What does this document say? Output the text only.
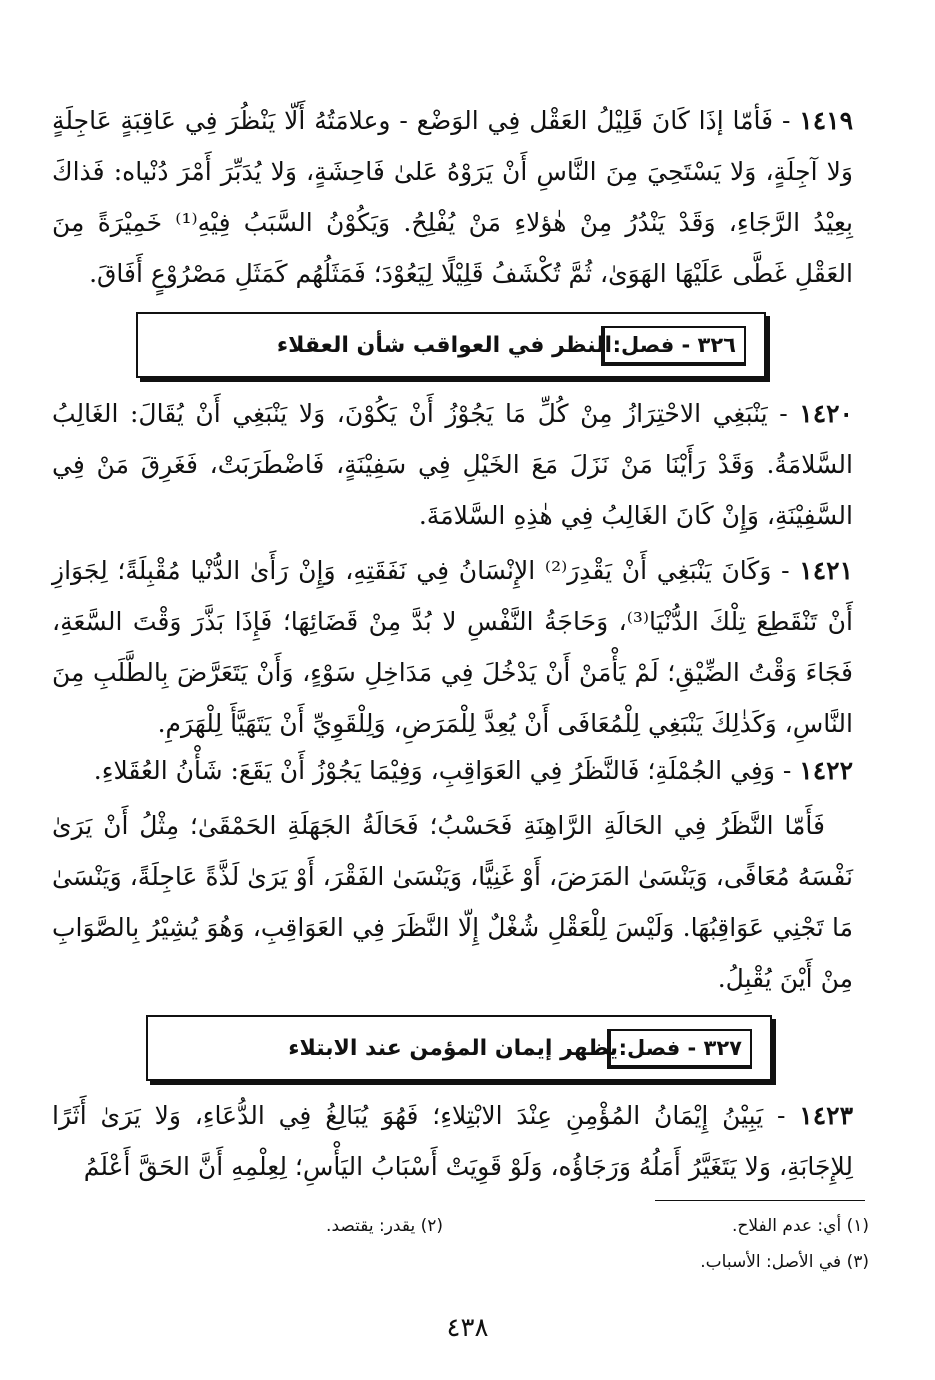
١٤١٩ - فَأمّا إذَا كَانَ قَلِيْلُ العَقْل فِي الوَضْع - وعلامَتُهُ أَلّا يَنْظُرَ فِي عَاقِبَةٍ عَاجِلَةٍ وَلا آجِلَةٍ، وَلا يَسْتَحِيَ مِنَ النَّاسِ أَنْ يَرَوْهُ عَلىٰ فَاحِشَةٍ، وَلا يُدَبِّرَ أَمْرَ دُنْياه: فَذاكَ بِعِيْدُ الرَّجَاءِ، وَقَدْ يَنْدُرُ مِنْ هٰؤلاءِ مَنْ يُفْلِحُ. وَيَكُوْنُ السَّبَبُ فِيْهِ⁽¹⁾ خَمِيْرَةً مِنَ العَقْلِ غَطَّى عَلَيْهَا الهَوَىٰ، ثُمَّ تُكْشَفُ قَلِيْلًا لِيَعُوْدَ؛ فَمَثَلُهُم كَمَثَلِ مَصْرُوْعٍ أَفَاقَ.

٣٢٦ - فصل:
النظر في العواقب شأن العقلاء

١٤٢٠ - يَنْبَغِي الاحْتِرَازُ مِنْ كُلِّ مَا يَجُوْزُ أَنْ يَكُوْنَ، وَلا يَنْبَغِي أَنْ يُقَالَ: الغَالِبُ السَّلامَةُ. وَقَدْ رَأَيْنَا مَنْ نَزَلَ مَعَ الخَيْلِ فِي سَفِيْنَةٍ، فَاضْطَرَبَتْ، فَغَرِقَ مَنْ فِي السَّفِيْنَةِ، وَإِنْ كَانَ الغَالِبُ فِي هٰذِهِ السَّلامَةَ.

١٤٢١ - وَكَانَ يَنْبَغِي أَنْ يَقْدِرَ⁽²⁾ الإِنْسَانُ فِي نَفَقَتِهِ، وَإِنْ رَأَىٰ الدُّنْيا مُقْبِلَةً؛ لِجَوَازِ أَنْ تَنْقَطِعَ تِلْكَ الدُّنْيَا⁽³⁾، وَحَاجَةُ النَّفْسِ لا بُدَّ مِنْ قَضَائِهَا؛ فَإِذَا بَذَّرَ وَقْتَ السَّعَةِ، فَجَاءَ وَقْتُ الضِّيْقِ؛ لَمْ يَأْمَنْ أَنْ يَدْخُلَ فِي مَدَاخِلِ سَوْءٍ، وَأَنْ يَتَعَرَّضَ بِالطَّلَبِ مِنَ النَّاسِ، وَكَذٰلِكَ يَنْبَغِي لِلْمُعَافَى أَنْ يُعِدَّ لِلْمَرَضِ، وَلِلْقَوِيِّ أَنْ يَتَهَيَّأَ لِلْهَرَمِ.

١٤٢٢ - وَفِي الجُمْلَةِ؛ فَالنَّظَرُ فِي العَوَاقِبِ، وَفِيْمَا يَجُوْزُ أَنْ يَقَعَ: شَأْنُ العُقَلاءِ.

فَأَمّا النَّظَرُ فِي الحَالَةِ الرَّاهِنَةِ فَحَسْبُ؛ فَحَالَةُ الجَهَلَةِ الحَمْقَىٰ؛ مِثْلُ أَنْ يَرَىٰ نَفْسَهُ مُعَافًى، وَيَنْسَىٰ المَرَضَ، أَوْ غَنِيًّا، وَيَنْسَىٰ الفَقْرَ، أَوْ يَرَىٰ لَذَّةً عَاجِلَةً، وَيَنْسَىٰ مَا تَجْنِي عَوَاقِبُهَا. وَلَيْسَ لِلْعَقْلِ شُغْلٌ إِلّا النَّظَرَ فِي العَوَاقِبِ، وَهُوَ يُشِيْرُ بِالصَّوَابِ مِنْ أَيْنَ يُقْبِلُ.

٣٢٧ - فصل:
يظهر إيمان المؤمن عند الابتلاء

١٤٢٣ - يَبِيْنُ إِيْمَانُ المُؤْمِنِ عِنْدَ الابْتِلاءِ؛ فَهُوَ يُبَالِغُ فِي الدُّعَاءِ، وَلا يَرَىٰ أَثَرًا لِلإِجَابَةِ، وَلا يَتَغَيَّرُ أَمَلُهُ وَرَجَاؤُه، وَلَوْ قَوِيَتْ أَسْبَابُ اليَأْسِ؛ لِعِلْمِهِ أَنَّ الحَقَّ أَعْلَمُ

(١) أي: عدم الفلاح.
(٢) يقدر: يقتصد.
(٣) في الأصل: الأسباب.
٤٣٨
